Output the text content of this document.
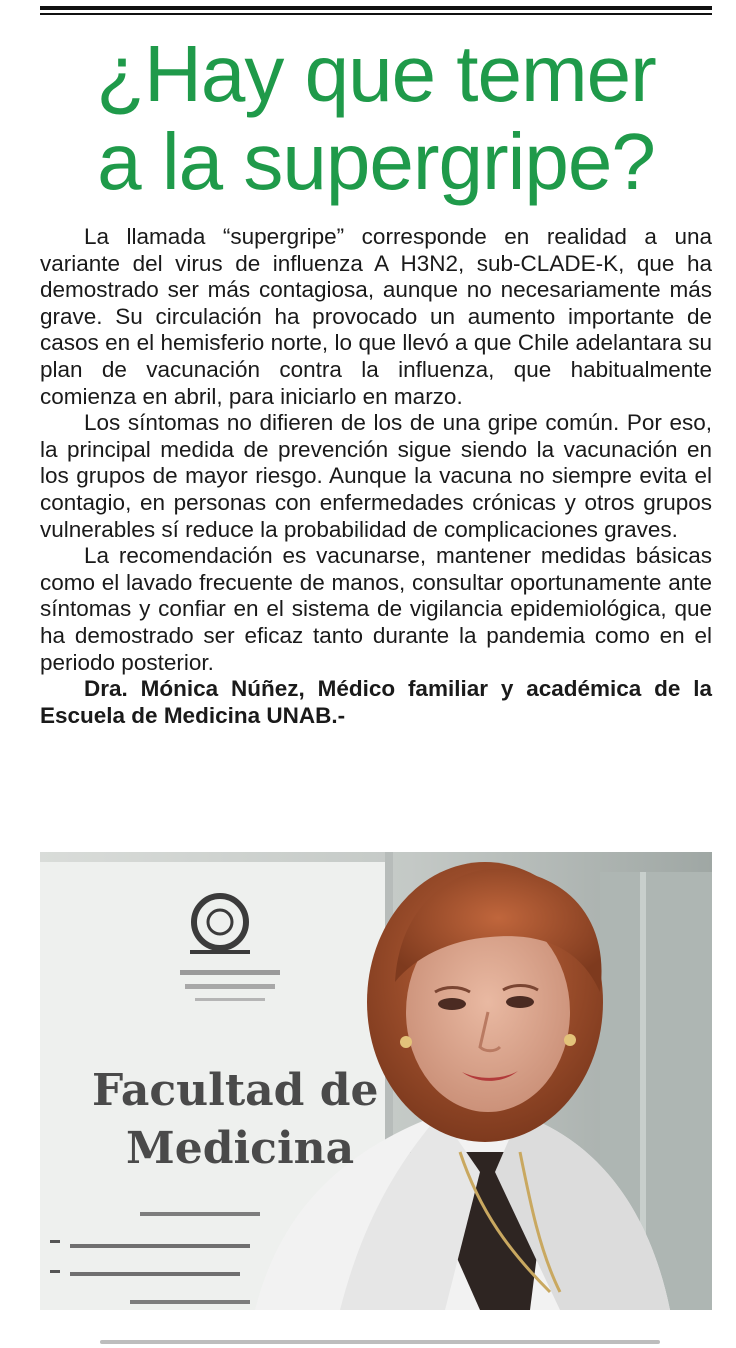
¿Hay que temer
a la supergripe?

La llamada “supergripe” corresponde en realidad a una variante del virus de influenza A H3N2, sub-CLADE-K, que ha demostrado ser más contagiosa, aunque no necesariamente más grave. Su circulación ha provocado un aumento importante de casos en el hemisferio norte, lo que llevó a que Chile adelantara su plan de vacunación contra la influenza, que habitualmente comienza en abril, para iniciarlo en marzo.

Los síntomas no difieren de los de una gripe común. Por eso, la principal medida de prevención sigue siendo la vacunación en los grupos de mayor riesgo. Aunque la vacuna no siempre evita el contagio, en personas con enfermedades crónicas y otros grupos vulnerables sí reduce la probabilidad de complicaciones graves.

La recomendación es vacunarse, mantener medidas básicas como el lavado frecuente de manos, consultar oportunamente ante síntomas y confiar en el sistema de vigilancia epidemiológica, que ha demostrado ser eficaz tanto durante la pandemia como en el periodo posterior.

Dra. Mónica Núñez, Médico familiar y académica de la Escuela de Medicina UNAB.-

Facultad de
Medicina
